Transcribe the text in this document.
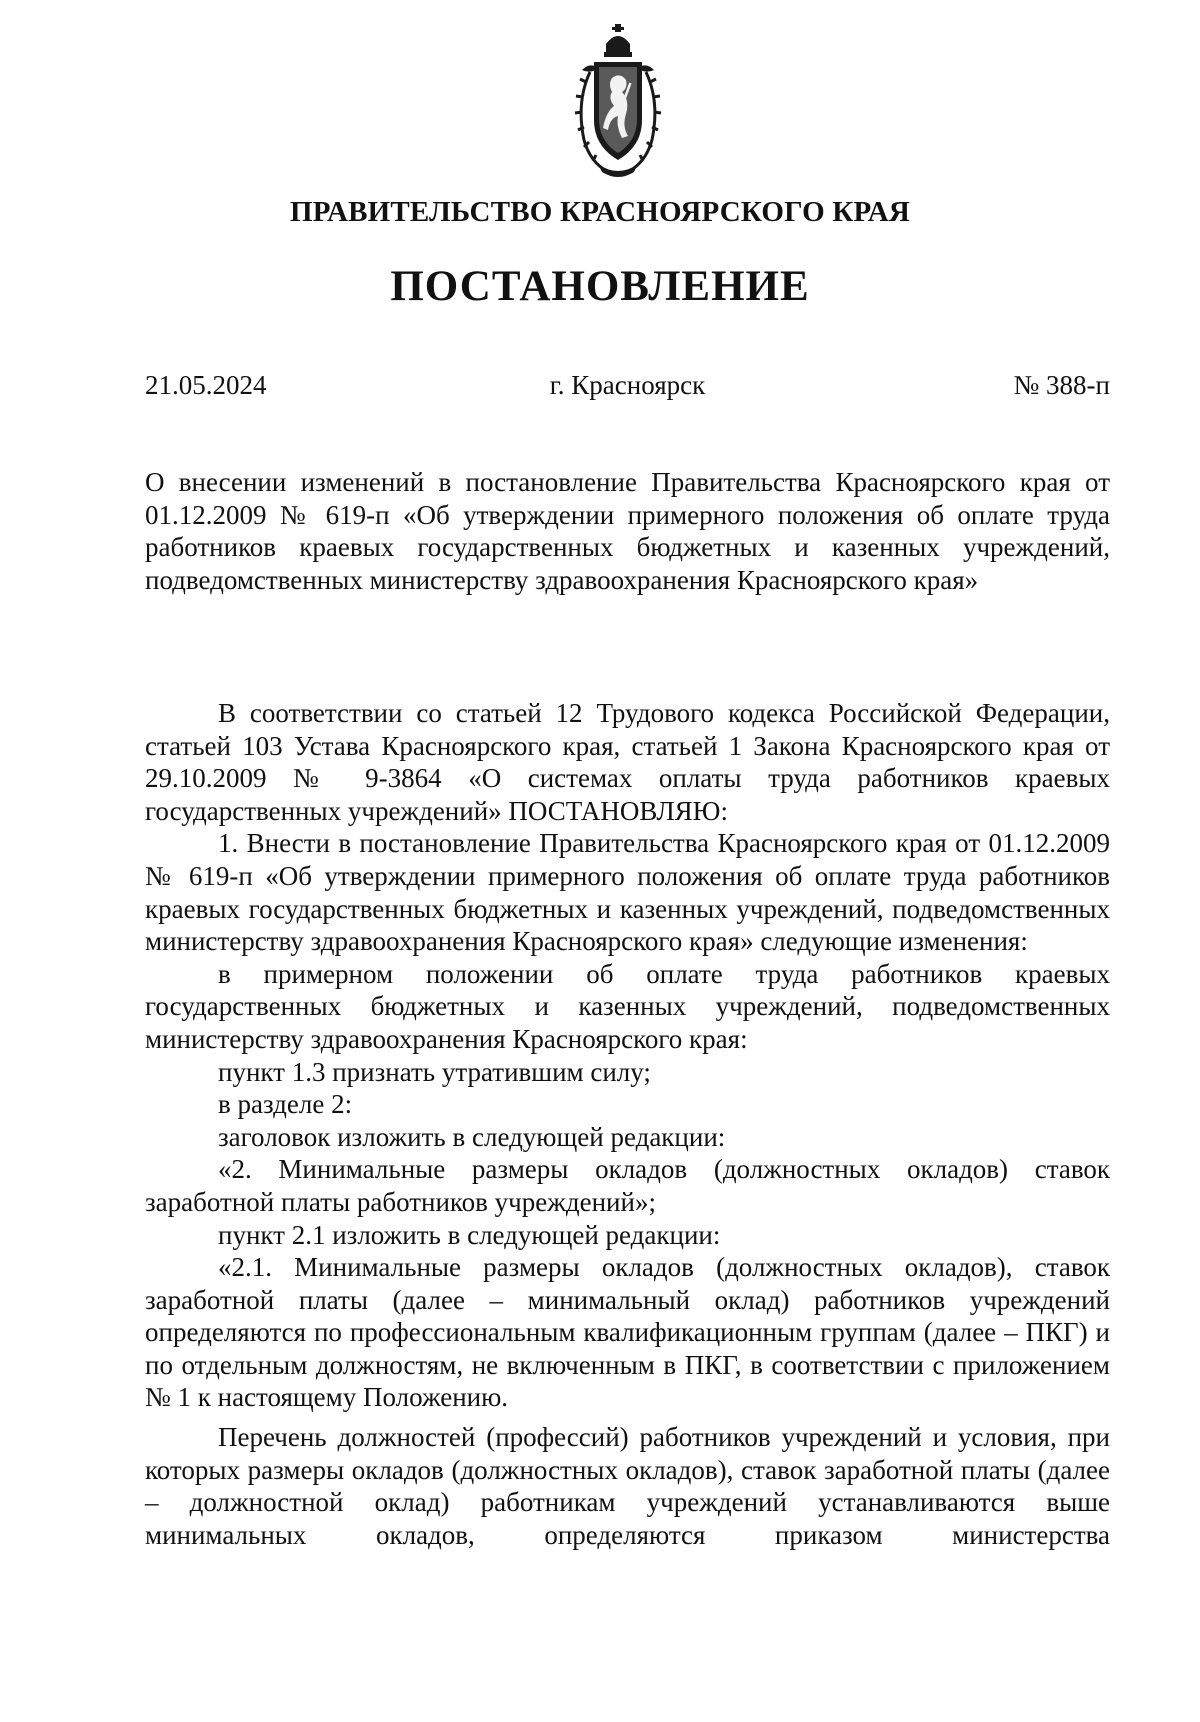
ПРАВИТЕЛЬСТВО КРАСНОЯРСКОГО КРАЯ
ПОСТАНОВЛЕНИЕ
21.05.2024	г. Красноярск	№ 388-п
О внесении изменений в постановление Правительства Красноярского края от 01.12.2009 № 619-п «Об утверждении примерного положения об оплате труда работников краевых государственных бюджетных и казенных учреждений, подведомственных министерству здравоохранения Красноярского края»

В соответствии со статьей 12 Трудового кодекса Российской Федерации, статьей 103 Устава Красноярского края, статьей 1 Закона Красноярского края от 29.10.2009 № 9-3864 «О системах оплаты труда работников краевых государственных учреждений» ПОСТАНОВЛЯЮ:

1. Внести в постановление Правительства Красноярского края от 01.12.2009 № 619-п «Об утверждении примерного положения об оплате труда работников краевых государственных бюджетных и казенных учреждений, подведомственных министерству здравоохранения Красноярского края» следующие изменения:

в примерном положении об оплате труда работников краевых государственных бюджетных и казенных учреждений, подведомственных министерству здравоохранения Красноярского края:

пункт 1.3 признать утратившим силу;

в разделе 2:

заголовок изложить в следующей редакции:

«2. Минимальные размеры окладов (должностных окладов) ставок заработной платы работников учреждений»;

пункт 2.1 изложить в следующей редакции:

«2.1. Минимальные размеры окладов (должностных окладов), ставок заработной платы (далее – минимальный оклад) работников учреждений определяются по профессиональным квалификационным группам (далее – ПКГ) и по отдельным должностям, не включенным в ПКГ, в соответствии с приложением № 1 к настоящему Положению.

Перечень должностей (профессий) работников учреждений и условия, при которых размеры окладов (должностных окладов), ставок заработной платы (далее – должностной оклад) работникам учреждений устанавливаются выше минимальных окладов, определяются приказом министерства
